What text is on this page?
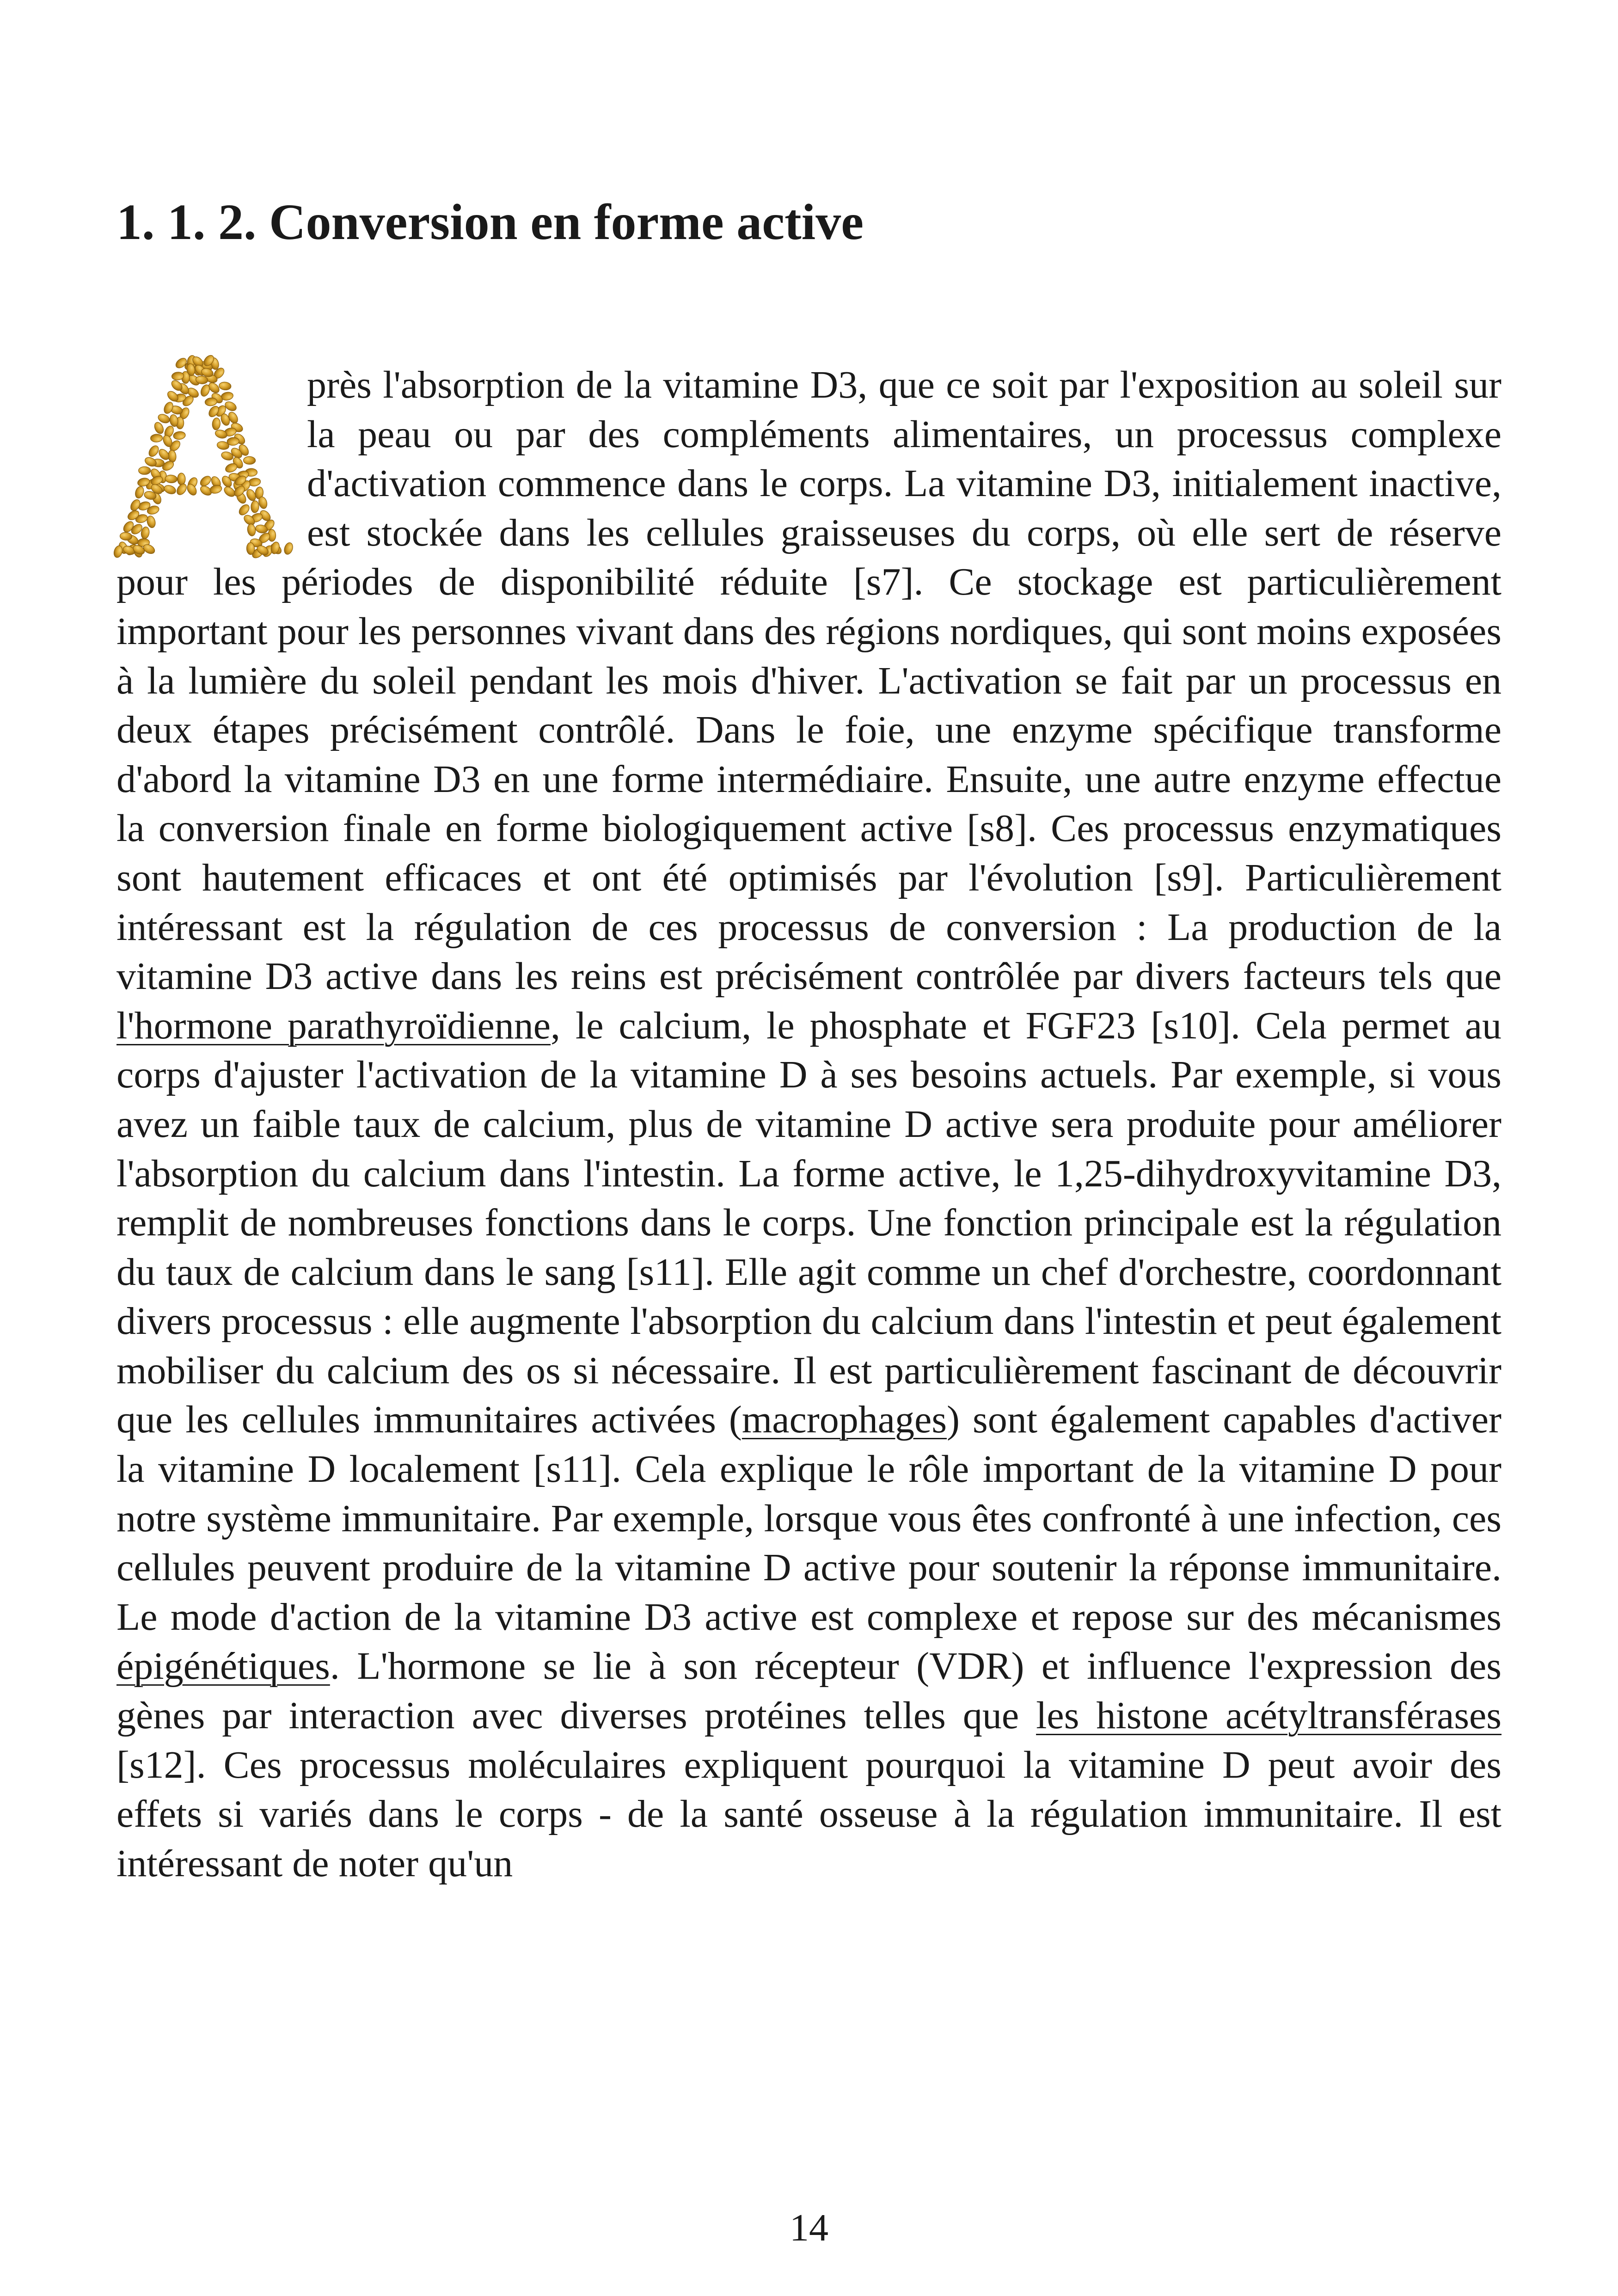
1. 1. 2. Conversion en forme active

près l'absorption de la vitamine D3, que ce soit par l'exposition au soleil sur la peau ou par des compléments alimentaires, un processus complexe d'activation commence dans le corps. La vitamine D3, initialement inactive, est stockée dans les cellules graisseuses du corps, où elle sert de réserve pour les périodes de disponibilité réduite [s7]. Ce stockage est particulièrement important pour les personnes vivant dans des régions nordiques, qui sont moins exposées à la lumière du soleil pendant les mois d'hiver. L'activation se fait par un processus en deux étapes précisément contrôlé. Dans le foie, une enzyme spécifique transforme d'abord la vitamine D3 en une forme intermédiaire. Ensuite, une autre enzyme effectue la conversion finale en forme biologiquement active [s8]. Ces processus enzymatiques sont hautement efficaces et ont été optimisés par l'évolution [s9]. Particulièrement intéressant est la régulation de ces processus de conversion : La production de la vitamine D3 active dans les reins est précisément contrôlée par divers facteurs tels que l'hormone parathyroïdienne, le calcium, le phosphate et FGF23 [s10]. Cela permet au corps d'ajuster l'activation de la vitamine D à ses besoins actuels. Par exemple, si vous avez un faible taux de calcium, plus de vitamine D active sera produite pour améliorer l'absorption du calcium dans l'intestin. La forme active, le 1,25-dihydroxyvitamine D3, remplit de nombreuses fonctions dans le corps. Une fonction principale est la régulation du taux de calcium dans le sang [s11]. Elle agit comme un chef d'orchestre, coordonnant divers processus : elle augmente l'absorption du calcium dans l'intestin et peut également mobiliser du calcium des os si nécessaire. Il est particulièrement fascinant de découvrir que les cellules immunitaires activées (macrophages) sont également capables d'activer la vitamine D localement [s11]. Cela explique le rôle important de la vitamine D pour notre système immunitaire. Par exemple, lorsque vous êtes confronté à une infection, ces cellules peuvent produire de la vitamine D active pour soutenir la réponse immunitaire. Le mode d'action de la vitamine D3 active est complexe et repose sur des mécanismes épigénétiques. L'hormone se lie à son récepteur (VDR) et influence l'expression des gènes par interaction avec diverses protéines telles que les histone acétyltransférases [s12]. Ces processus moléculaires expliquent pourquoi la vitamine D peut avoir des effets si variés dans le corps - de la santé osseuse à la régulation immunitaire. Il est intéressant de noter qu'un

14
